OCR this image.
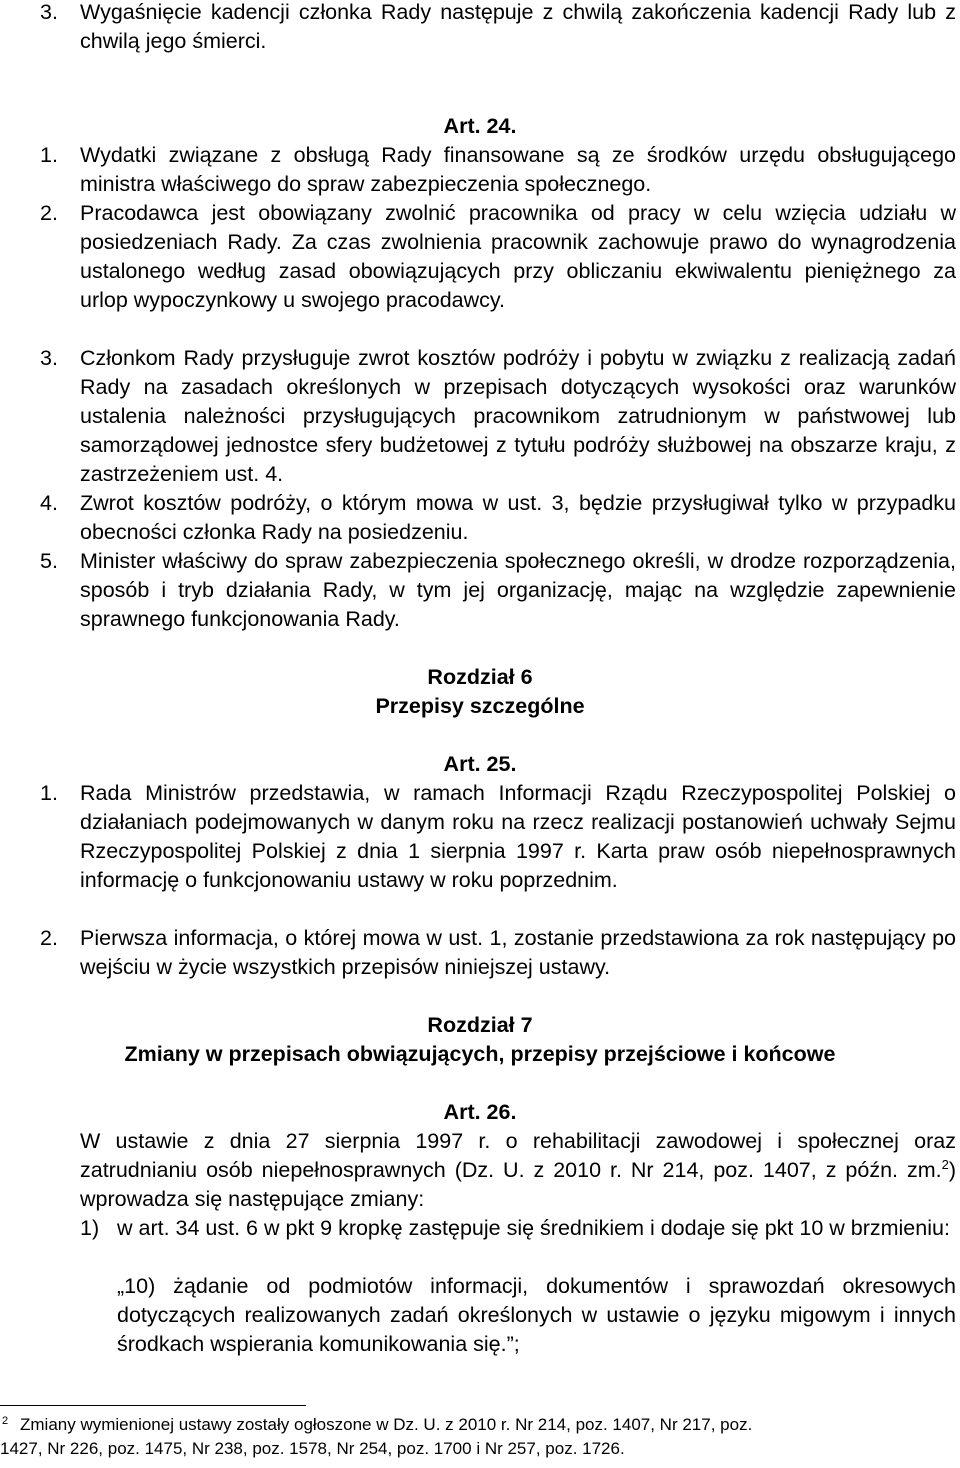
3. Wygaśnięcie kadencji członka Rady następuje z chwilą zakończenia kadencji Rady lub z chwilą jego śmierci.
Art. 24.
1. Wydatki związane z obsługą Rady finansowane są ze środków urzędu obsługującego ministra właściwego do spraw zabezpieczenia społecznego.
2. Pracodawca jest obowiązany zwolnić pracownika od pracy w celu wzięcia udziału w posiedzeniach Rady. Za czas zwolnienia pracownik zachowuje prawo do wynagrodzenia ustalonego według zasad obowiązujących przy obliczaniu ekwiwalentu pieniężnego za urlop wypoczynkowy u swojego pracodawcy.
3. Członkom Rady przysługuje zwrot kosztów podróży i pobytu w związku z realizacją zadań Rady na zasadach określonych w przepisach dotyczących wysokości oraz warunków ustalenia należności przysługujących pracownikom zatrudnionym w państwowej lub samorządowej jednostce sfery budżetowej z tytułu podróży służbowej na obszarze kraju, z zastrzeżeniem ust. 4.
4. Zwrot kosztów podróży, o którym mowa w ust. 3, będzie przysługiwał tylko w przypadku obecności członka Rady na posiedzeniu.
5. Minister właściwy do spraw zabezpieczenia społecznego określi, w drodze rozporządzenia, sposób i tryb działania Rady, w tym jej organizację, mając na względzie zapewnienie sprawnego funkcjonowania Rady.
Rozdział 6
Przepisy szczególne
Art. 25.
1. Rada Ministrów przedstawia, w ramach Informacji Rządu Rzeczypospolitej Polskiej o działaniach podejmowanych w danym roku na rzecz realizacji postanowień uchwały Sejmu Rzeczypospolitej Polskiej z dnia 1 sierpnia 1997 r. Karta praw osób niepełnosprawnych informację o funkcjonowaniu ustawy w roku poprzednim.
2. Pierwsza informacja, o której mowa w ust. 1, zostanie przedstawiona za rok następujący po wejściu w życie wszystkich przepisów niniejszej ustawy.
Rozdział 7
Zmiany w przepisach obwiązujących, przepisy przejściowe i końcowe
Art. 26.
W ustawie z dnia 27 sierpnia 1997 r. o rehabilitacji zawodowej i społecznej oraz zatrudnianiu osób niepełnosprawnych (Dz. U. z 2010 r. Nr 214, poz. 1407, z późn. zm.$^2$) wprowadza się następujące zmiany:
1) w art. 34 ust. 6 w pkt 9 kropkę zastępuje się średnikiem i dodaje się pkt 10 w brzmieniu:
„10) żądanie od podmiotów informacji, dokumentów i sprawozdań okresowych dotyczących realizowanych zadań określonych w ustawie o języku migowym i innych środkach wspierania komunikowania się.”;
2 Zmiany wymienionej ustawy zostały ogłoszone w Dz. U. z 2010 r. Nr 214, poz. 1407, Nr 217, poz.
1427, Nr 226, poz. 1475, Nr 238, poz. 1578, Nr 254, poz. 1700 i Nr 257, poz. 1726.
